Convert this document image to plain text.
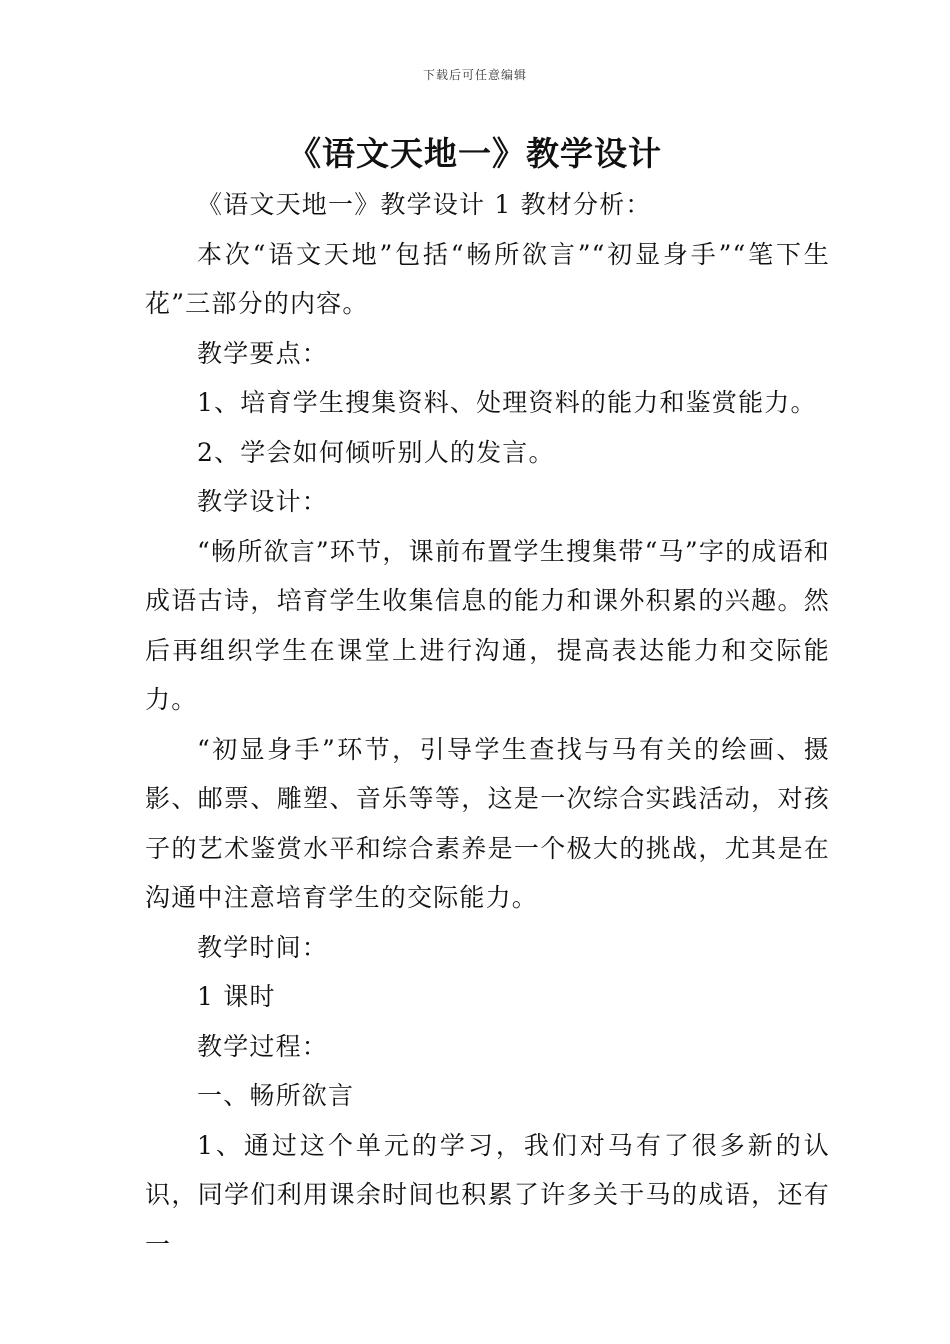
下载后可任意编辑
《语文天地一》教学设计

《语文天地一》教学设计 1 教材分析：

本次“语文天地”包括“畅所欲言”“初显身手”“笔下生花”三部分的内容。

教学要点：

1、培育学生搜集资料、处理资料的能力和鉴赏能力。

2、学会如何倾听别人的发言。

教学设计：

“畅所欲言”环节，课前布置学生搜集带“马”字的成语和成语古诗，培育学生收集信息的能力和课外积累的兴趣。然后再组织学生在课堂上进行沟通，提高表达能力和交际能力。

“初显身手”环节，引导学生查找与马有关的绘画、摄影、邮票、雕塑、音乐等等，这是一次综合实践活动，对孩子的艺术鉴赏水平和综合素养是一个极大的挑战，尤其是在沟通中注意培育学生的交际能力。

教学时间：

1 课时

教学过程：

一、畅所欲言

1、通过这个单元的学习，我们对马有了很多新的认识，同学们利用课余时间也积累了许多关于马的成语，还有一
